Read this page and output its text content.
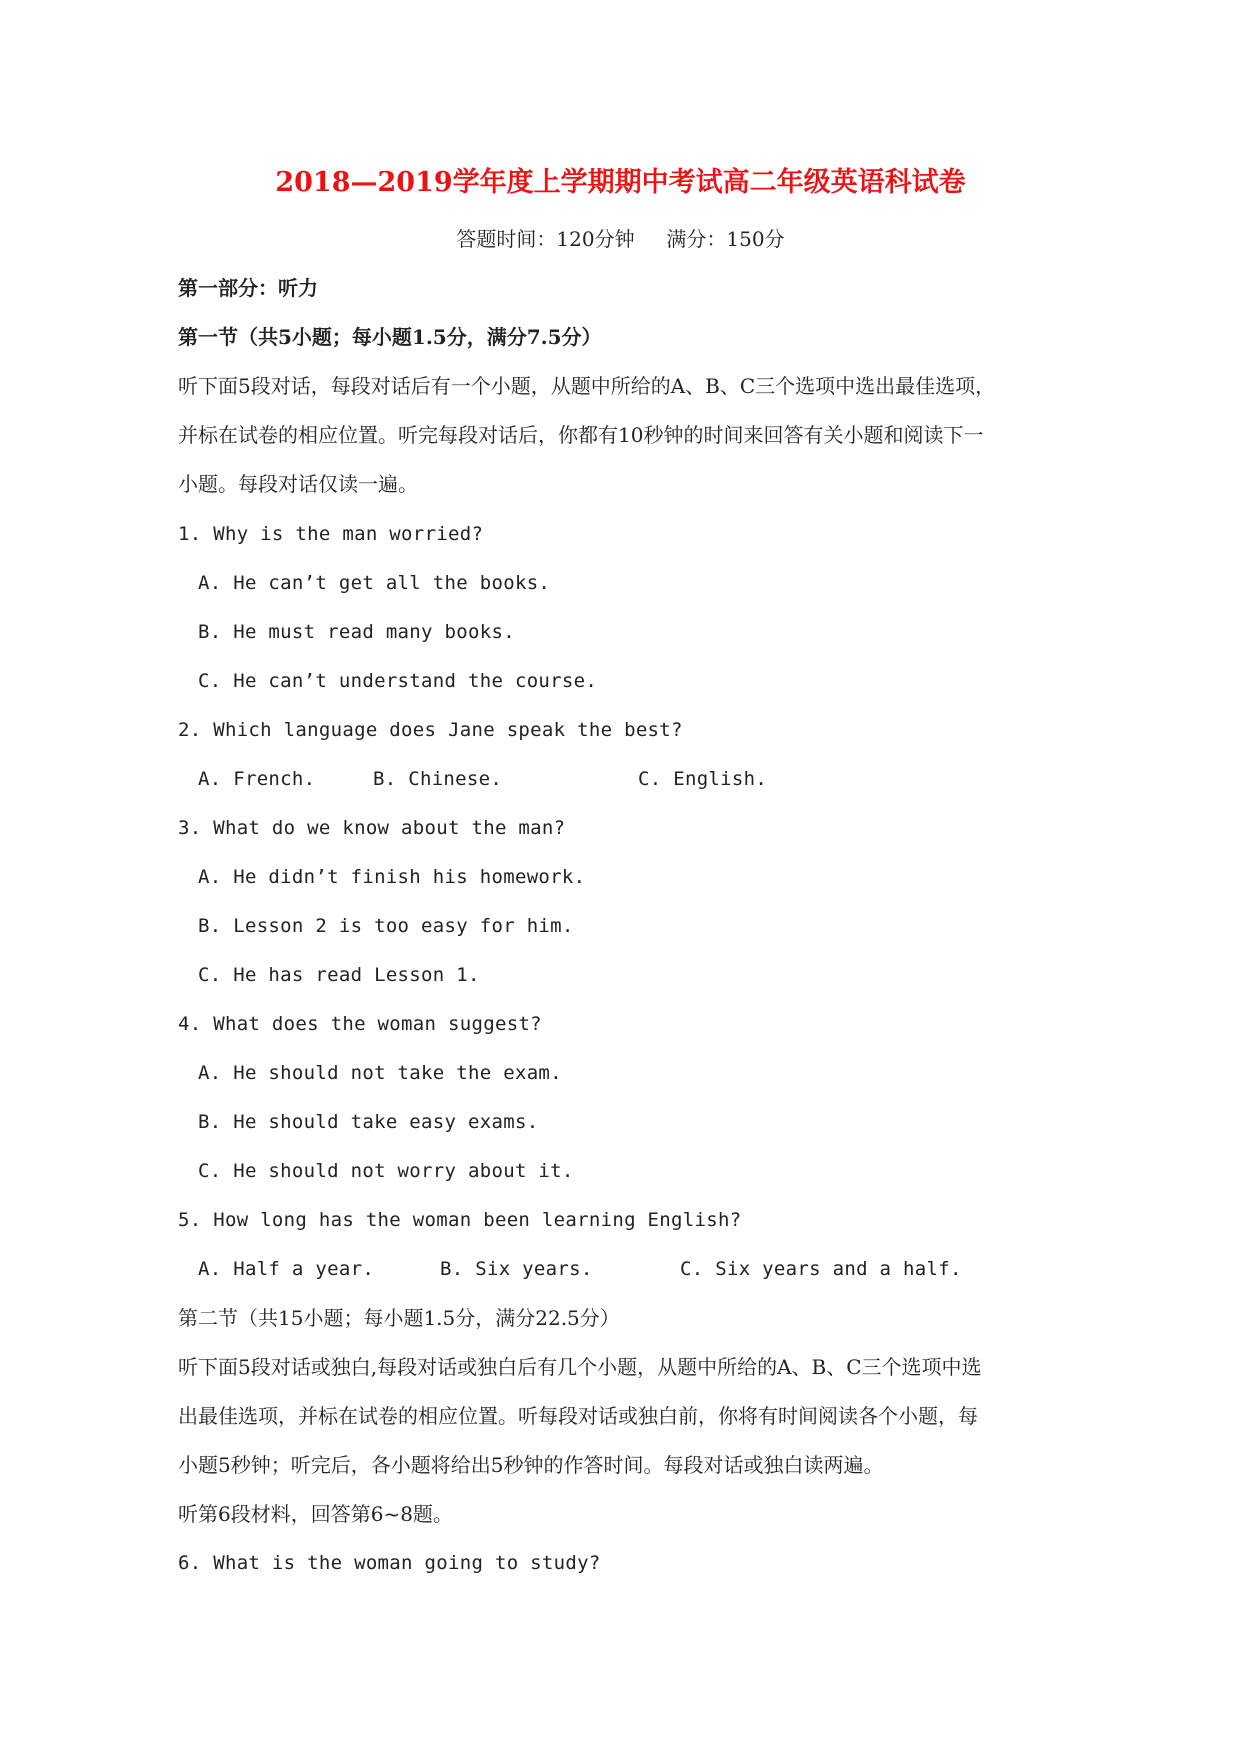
2018—2019学年度上学期期中考试高二年级英语科试卷
答题时间：120分钟     满分：150分
第一部分：听力
第一节（共5小题；每小题1.5分，满分7.5分）
听下面5段对话，每段对话后有一个小题，从题中所给的A、B、C三个选项中选出最佳选项，
并标在试卷的相应位置。听完每段对话后，你都有10秒钟的时间来回答有关小题和阅读下一
小题。每段对话仅读一遍。
1. Why is the man worried?
A. He can’t get all the books.
B. He must read many books.
C. He can’t understand the course.
2. Which language does Jane speak the best?
A. French.	B. Chinese.	C. English.
3. What do we know about the man?
A. He didn’t finish his homework.
B. Lesson 2 is too easy for him.
C. He has read Lesson 1.
4. What does the woman suggest?
A. He should not take the exam.
B. He should take easy exams.
C. He should not worry about it.
5. How long has the woman been learning English?
A. Half a year.	B. Six years.	C. Six years and a half.
第二节（共15小题；每小题1.5分，满分22.5分）
听下面5段对话或独白,每段对话或独白后有几个小题，从题中所给的A、B、C三个选项中选
出最佳选项，并标在试卷的相应位置。听每段对话或独白前，你将有时间阅读各个小题，每
小题5秒钟；听完后，各小题将给出5秒钟的作答时间。每段对话或独白读两遍。
听第6段材料，回答第6~8题。
6. What is the woman going to study?
